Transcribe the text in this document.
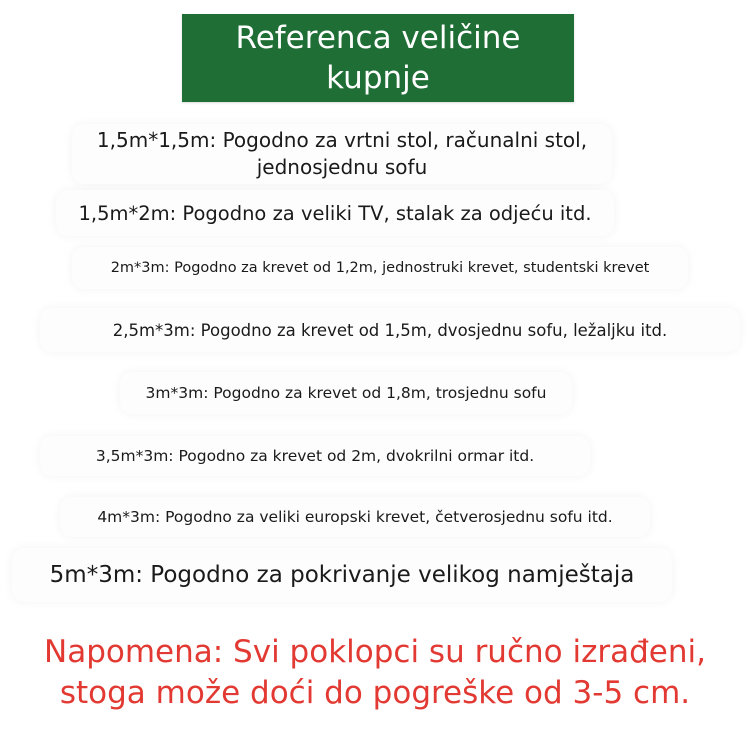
Referenca veličine kupnje
1,5m*1,5m: Pogodno za vrtni stol, računalni stol, jednosjednu sofu
1,5m*2m: Pogodno za veliki TV, stalak za odjeću itd.
2m*3m: Pogodno za krevet od 1,2m, jednostruki krevet, studentski krevet
2,5m*3m: Pogodno za krevet od 1,5m, dvosjednu sofu, ležaljku itd.
3m*3m: Pogodno za krevet od 1,8m, trosjednu sofu
3,5m*3m: Pogodno za krevet od 2m, dvokrilni ormar itd.
4m*3m: Pogodno za veliki europski krevet, četverosjednu sofu itd.
5m*3m: Pogodno za pokrivanje velikog namještaja
Napomena: Svi poklopci su ručno izrađeni,
stoga može doći do pogreške od 3-5 cm.
